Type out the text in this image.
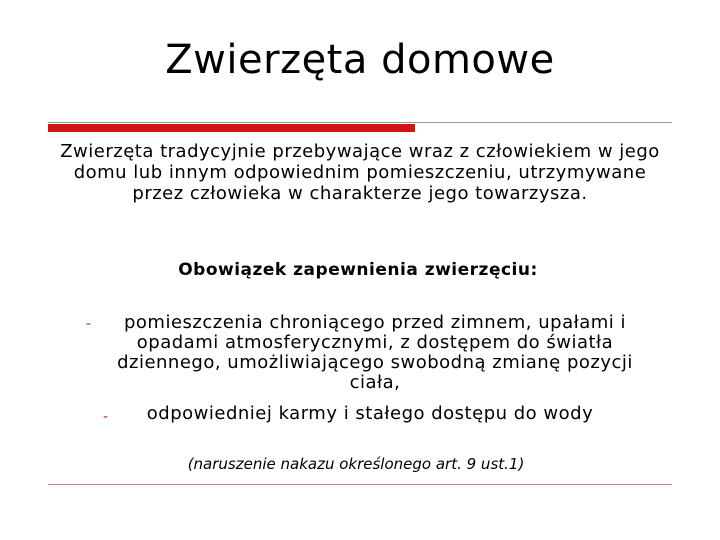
Zwierzęta domowe
Zwierzęta tradycyjnie przebywające wraz z człowiekiem w jego domu lub innym odpowiednim pomieszczeniu, utrzymywane przez człowieka w charakterze jego towarzysza.
Obowiązek zapewnienia zwierzęciu:
-	pomieszczenia chroniącego przed zimnem, upałami i opadami atmosferycznymi, z dostępem do światła dziennego, umożliwiającego swobodną zmianę pozycji ciała,
-	odpowiedniej karmy i stałego dostępu do wody
(naruszenie nakazu określonego art. 9 ust.1)
